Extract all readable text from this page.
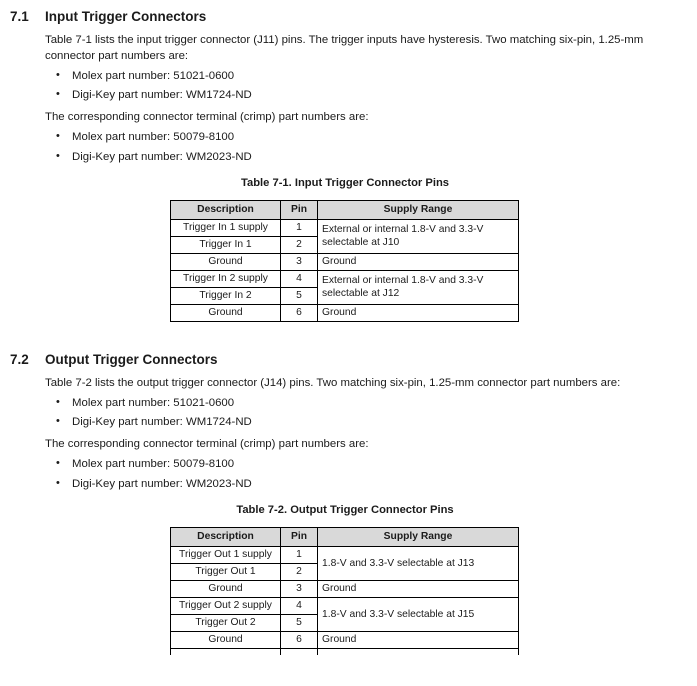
7.1	Input Trigger Connectors

Table 7-1 lists the input trigger connector (J11) pins. The trigger inputs have hysteresis. Two matching six-pin, 1.25-mm connector part numbers are:

• Molex part number: 51021-0600
• Digi-Key part number: WM1724-ND

The corresponding connector terminal (crimp) part numbers are:

• Molex part number: 50079-8100
• Digi-Key part number: WM2023-ND
Table 7-1. Input Trigger Connector Pins
Description	Pin	Supply Range
Trigger In 1 supply	1	External or internal 1.8-V and 3.3-V selectable at J10
Trigger In 1	2	
Ground	3	Ground
Trigger In 2 supply	4	External or internal 1.8-V and 3.3-V selectable at J12
Trigger In 2	5	
Ground	6	Ground
7.2	Output Trigger Connectors

Table 7-2 lists the output trigger connector (J14) pins. Two matching six-pin, 1.25-mm connector part numbers are:

• Molex part number: 51021-0600
• Digi-Key part number: WM1724-ND

The corresponding connector terminal (crimp) part numbers are:

• Molex part number: 50079-8100
• Digi-Key part number: WM2023-ND
Table 7-2. Output Trigger Connector Pins
Description	Pin	Supply Range
Trigger Out 1 supply	1	1.8-V and 3.3-V selectable at J13
Trigger Out 1	2	
Ground	3	Ground
Trigger Out 2 supply	4	1.8-V and 3.3-V selectable at J15
Trigger Out 2	5	
Ground	6	Ground
